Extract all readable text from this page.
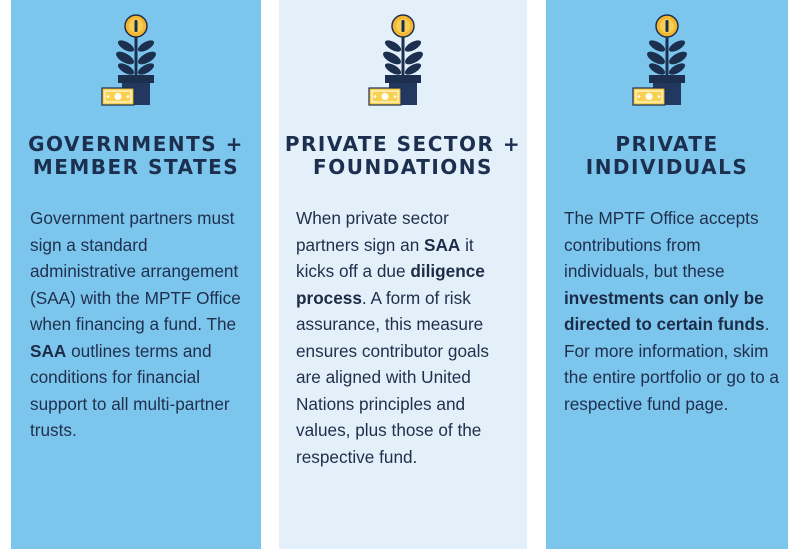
GOVERNMENTS +
MEMBER STATES
Government partners must sign a standard administrative arrangement (SAA) with the MPTF Office when financing a fund. The SAA outlines terms and conditions for financial support to all multi-partner trusts.
PRIVATE SECTOR +
FOUNDATIONS
When private sector partners sign an SAA it kicks off a due diligence process. A form of risk assurance, this measure ensures contributor goals are aligned with United Nations principles and values, plus those of the respective fund.
PRIVATE
INDIVIDUALS
The MPTF Office accepts contributions from individuals, but these investments can only be directed to certain funds. For more information, skim the entire portfolio or go to a respective fund page.
